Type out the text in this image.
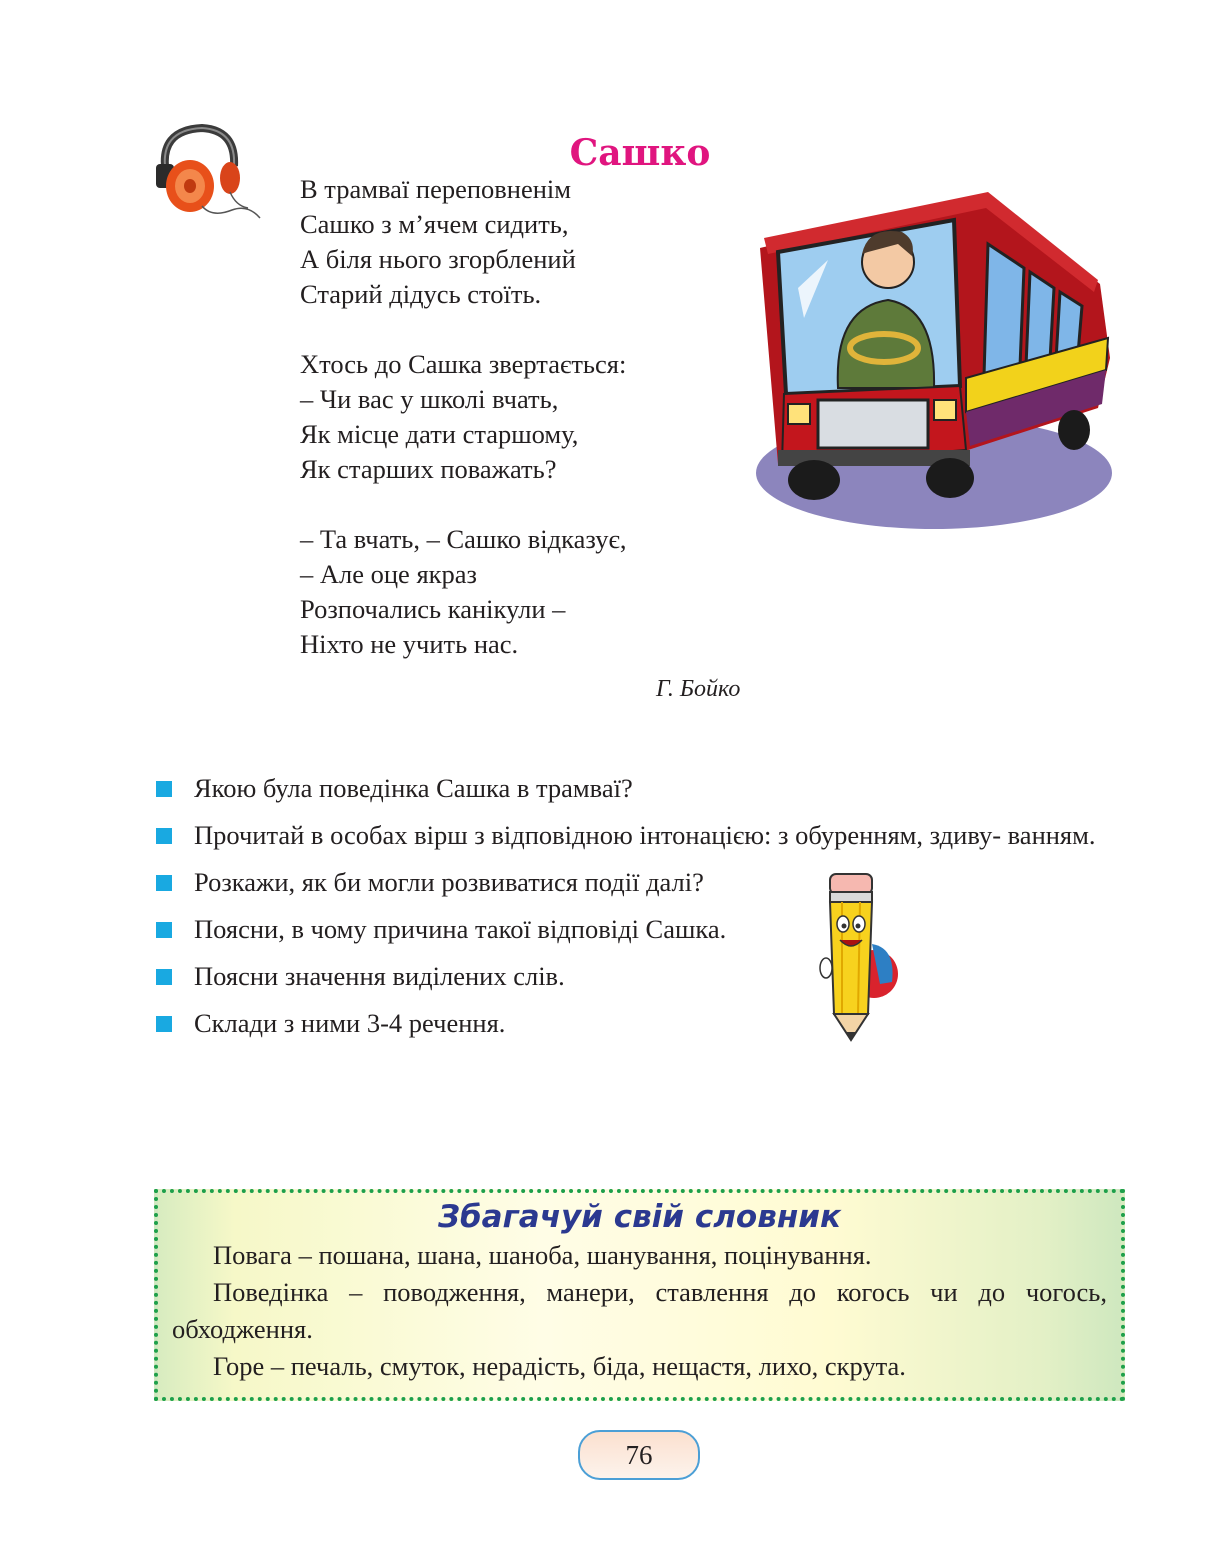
Сашко
В трамваї переповненім
Сашко з м’ячем сидить,
А біля нього згорблений
Старий дідусь стоїть.
Хтось до Сашка звертається:
– Чи вас у школі вчать,
Як місце дати старшому,
Як старших поважать?
– Та вчать, – Сашко відказує,
– Але оце якраз
Розпочались канікули –
Ніхто не учить нас.
Г. Бойко
Якою була поведінка Сашка в трамваї?
Прочитай в особах вірш з відповідною інтонацією: з обуренням, здиву- ванням.
Розкажи, як би могли розвиватися події далі?
Поясни, в чому причина такої відповіді Сашка.
Поясни значення виділених слів.
Склади з ними 3-4 речення.
Збагачуй свій словник

Повага – пошана, шана, шаноба, шанування, поцінування.

Поведінка – поводження, манери, ставлення до когось чи до чогось, обходження.

Горе – печаль, смуток, нерадість, біда, нещастя, лихо, скрута.

76
